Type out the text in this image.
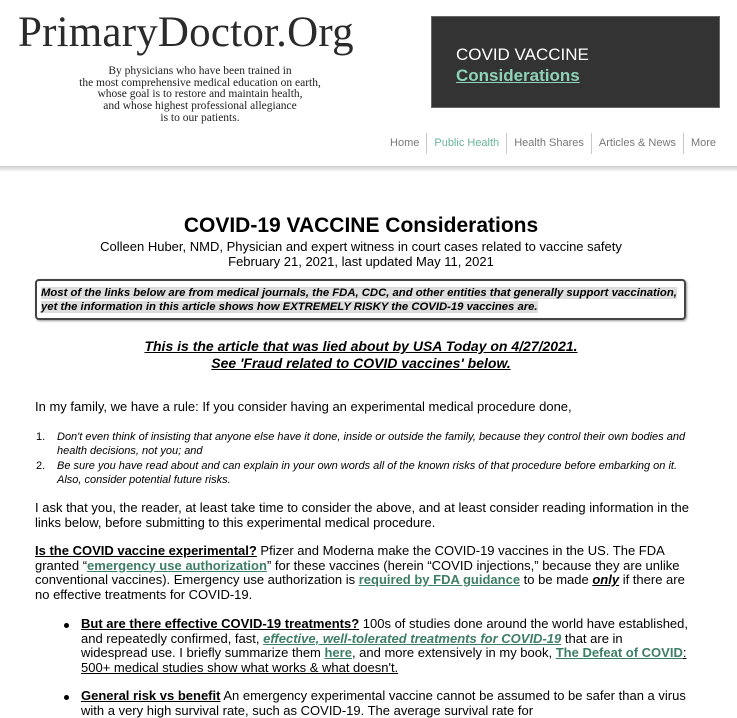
PrimaryDoctor.Org
By physicians who have been trained in
the most comprehensive medical education on earth,
whose goal is to restore and maintain health,
and whose highest professional allegiance
is to our patients.
COVID VACCINE
Considerations
Home	Public Health	Health Shares	Articles & News	More
COVID-19 VACCINE Considerations
Colleen Huber, NMD, Physician and expert witness in court cases related to vaccine safety
February 21, 2021, last updated May 11, 2021
Most of the links below are from medical journals, the FDA, CDC, and other entities that generally support vaccination, yet the information in this article shows how EXTREMELY RISKY the COVID-19 vaccines are.
This is the article that was lied about by USA Today on 4/27/2021.
See 'Fraud related to COVID vaccines' below.
In my family, we have a rule: If you consider having an experimental medical procedure done,
1. Don't even think of insisting that anyone else have it done, inside or outside the family, because they control their own bodies and health decisions, not you; and
2. Be sure you have read about and can explain in your own words all of the known risks of that procedure before embarking on it. Also, consider potential future risks.
I ask that you, the reader, at least take time to consider the above, and at least consider reading information in the links below, before submitting to this experimental medical procedure.
Is the COVID vaccine experimental? Pfizer and Moderna make the COVID-19 vaccines in the US. The FDA granted “emergency use authorization” for these vaccines (herein “COVID injections,” because they are unlike conventional vaccines). Emergency use authorization is required by FDA guidance to be made only if there are no effective treatments for COVID-19.
But are there effective COVID-19 treatments? 100s of studies done around the world have established, and repeatedly confirmed, fast, effective, well-tolerated treatments for COVID-19 that are in widespread use. I briefly summarize them here, and more extensively in my book, The Defeat of COVID: 500+ medical studies show what works & what doesn't.
General risk vs benefit An emergency experimental vaccine cannot be assumed to be safer than a virus with a very high survival rate, such as COVID-19. The average survival rate for
